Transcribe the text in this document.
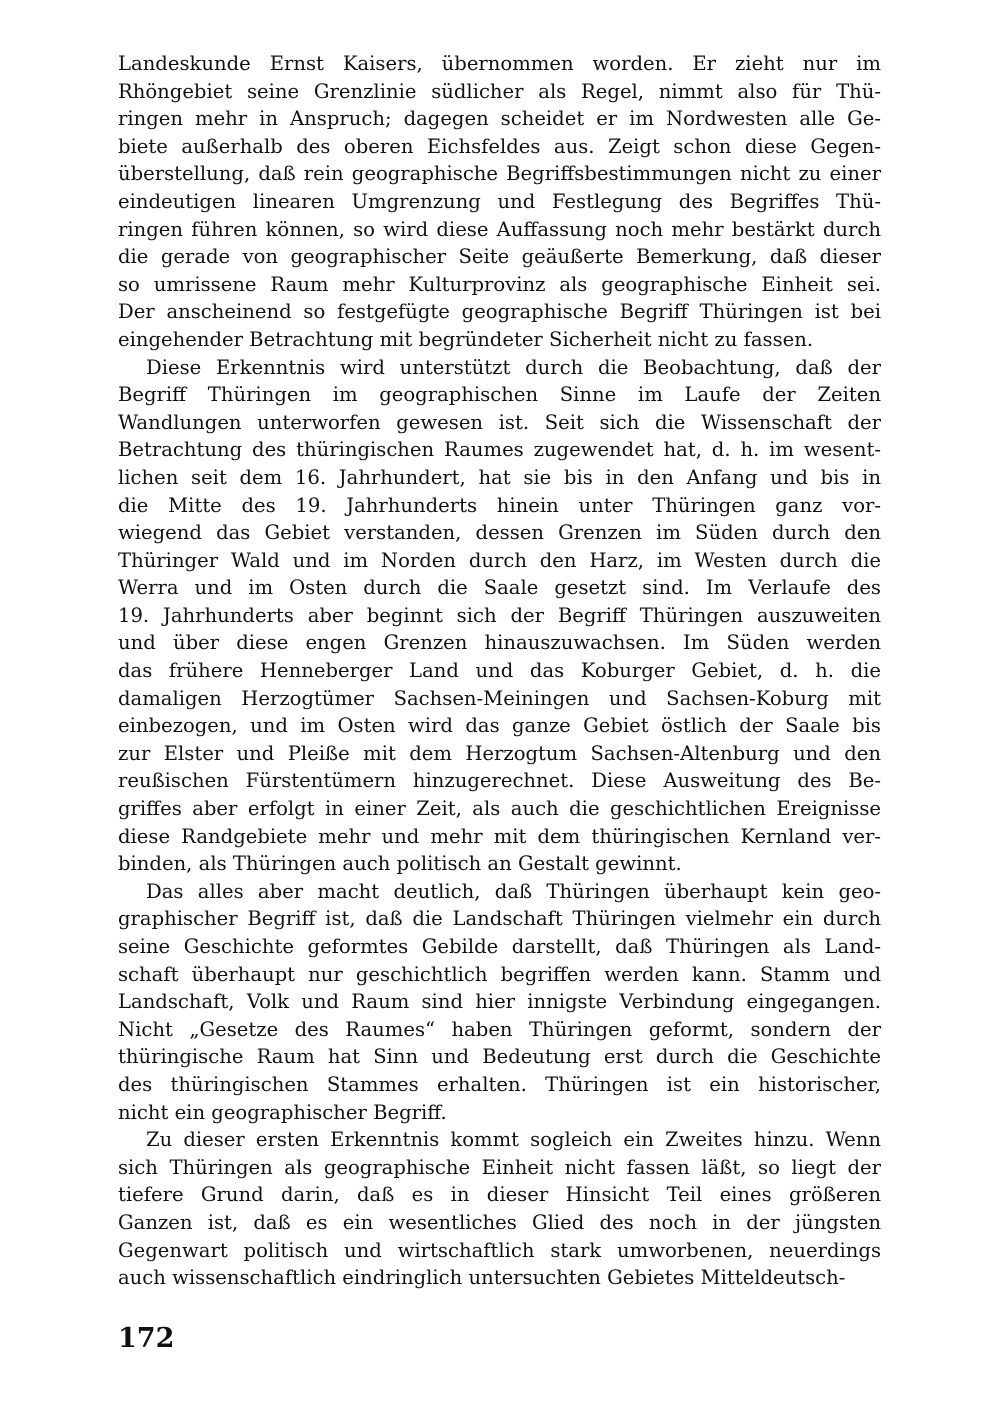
Landeskunde Ernst Kaisers, übernommen worden. Er zieht nur im
Rhöngebiet seine Grenzlinie südlicher als Regel, nimmt also für Thü-
ringen mehr in Anspruch; dagegen scheidet er im Nordwesten alle Ge-
biete außerhalb des oberen Eichsfeldes aus. Zeigt schon diese Gegen-
überstellung, daß rein geographische Begriffsbestimmungen nicht zu einer
eindeutigen linearen Umgrenzung und Festlegung des Begriffes Thü-
ringen führen können, so wird diese Auffassung noch mehr bestärkt durch
die gerade von geographischer Seite geäußerte Bemerkung, daß dieser
so umrissene Raum mehr Kulturprovinz als geographische Einheit sei.
Der anscheinend so festgefügte geographische Begriff Thüringen ist bei
eingehender Betrachtung mit begründeter Sicherheit nicht zu fassen.
Diese Erkenntnis wird unterstützt durch die Beobachtung, daß der
Begriff Thüringen im geographischen Sinne im Laufe der Zeiten
Wandlungen unterworfen gewesen ist. Seit sich die Wissenschaft der
Betrachtung des thüringischen Raumes zugewendet hat, d. h. im wesent-
lichen seit dem 16. Jahrhundert, hat sie bis in den Anfang und bis in
die Mitte des 19. Jahrhunderts hinein unter Thüringen ganz vor-
wiegend das Gebiet verstanden, dessen Grenzen im Süden durch den
Thüringer Wald und im Norden durch den Harz, im Westen durch die
Werra und im Osten durch die Saale gesetzt sind. Im Verlaufe des
19. Jahrhunderts aber beginnt sich der Begriff Thüringen auszuweiten
und über diese engen Grenzen hinauszuwachsen. Im Süden werden
das frühere Henneberger Land und das Koburger Gebiet, d. h. die
damaligen Herzogtümer Sachsen-Meiningen und Sachsen-Koburg mit
einbezogen, und im Osten wird das ganze Gebiet östlich der Saale bis
zur Elster und Pleiße mit dem Herzogtum Sachsen-Altenburg und den
reußischen Fürstentümern hinzugerechnet. Diese Ausweitung des Be-
griffes aber erfolgt in einer Zeit, als auch die geschichtlichen Ereignisse
diese Randgebiete mehr und mehr mit dem thüringischen Kernland ver-
binden, als Thüringen auch politisch an Gestalt gewinnt.
Das alles aber macht deutlich, daß Thüringen überhaupt kein geo-
graphischer Begriff ist, daß die Landschaft Thüringen vielmehr ein durch
seine Geschichte geformtes Gebilde darstellt, daß Thüringen als Land-
schaft überhaupt nur geschichtlich begriffen werden kann. Stamm und
Landschaft, Volk und Raum sind hier innigste Verbindung eingegangen.
Nicht „Gesetze des Raumes“ haben Thüringen geformt, sondern der
thüringische Raum hat Sinn und Bedeutung erst durch die Geschichte
des thüringischen Stammes erhalten. Thüringen ist ein historischer,
nicht ein geographischer Begriff.
Zu dieser ersten Erkenntnis kommt sogleich ein Zweites hinzu. Wenn
sich Thüringen als geographische Einheit nicht fassen läßt, so liegt der
tiefere Grund darin, daß es in dieser Hinsicht Teil eines größeren
Ganzen ist, daß es ein wesentliches Glied des noch in der jüngsten
Gegenwart politisch und wirtschaftlich stark umworbenen, neuerdings
auch wissenschaftlich eindringlich untersuchten Gebietes Mitteldeutsch-
172
